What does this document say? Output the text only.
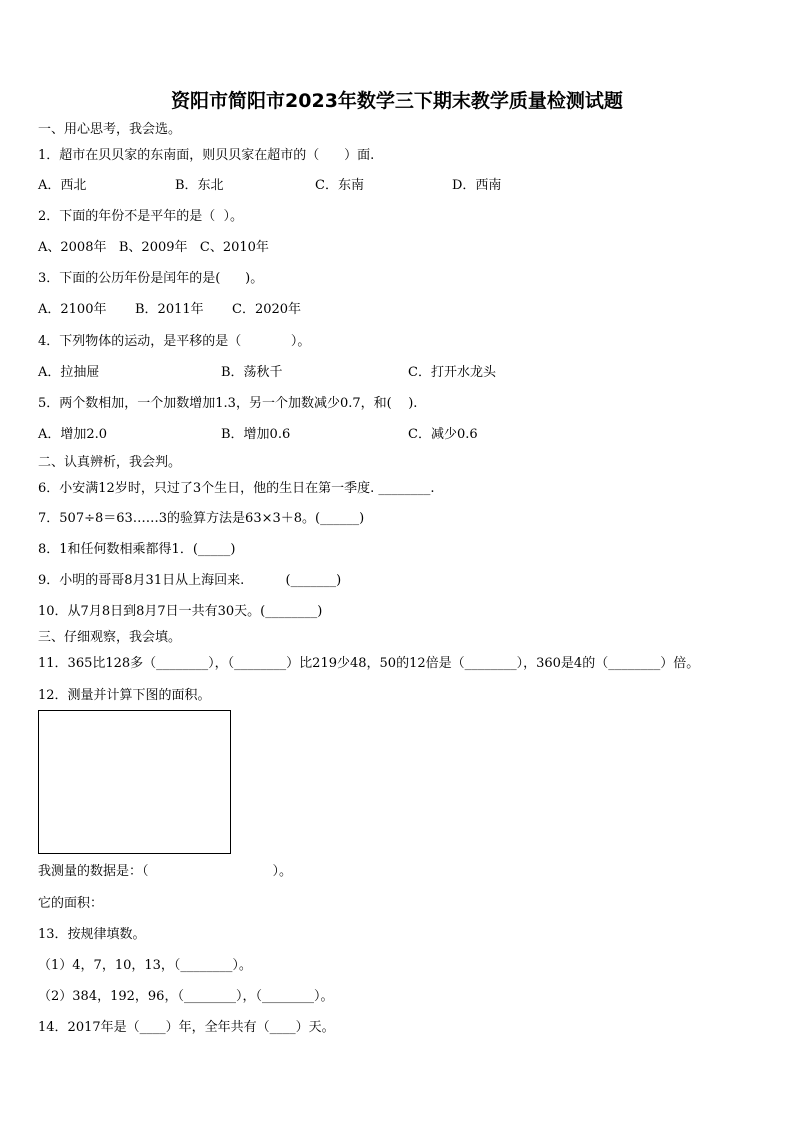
资阳市简阳市2023年数学三下期末教学质量检测试题
一、用心思考，我会选。
1．超市在贝贝家的东南面，则贝贝家在超市的（      ）面.
A．西北	B．东北	C．东南	D．西南
2．下面的年份不是平年的是（  ）。
A、2008年   B、2009年   C、2010年
3．下面的公历年份是闰年的是(      )。
A．2100年 B．2011年 C．2020年
4．下列物体的运动，是平移的是（            ）。
A．拉抽屉	B．荡秋千	C．打开水龙头
5．两个数相加，一个加数增加1.3，另一个加数减少0.7，和(    ).
A．增加2.0	B．增加0.6	C．减少0.6
二、认真辨析，我会判。
6．小安满12岁时，只过了3个生日，他的生日在第一季度. ________.
7．507÷8＝63……3的验算方法是63×3＋8。(______)
8．1和任何数相乘都得1．(_____)
9．小明的哥哥8月31日从上海回来.          (_______)
10．从7月8日到8月7日一共有30天。(________)
三、仔细观察，我会填。
11．365比128多（________），（________）比219少48，50的12倍是（________），360是4的（________）倍。
12．测量并计算下图的面积。
我测量的数据是：（                              ）。
它的面积：
13．按规律填数。
（1）4，7，10，13，（________）。
（2）384，192，96，（________），（________）。
14．2017年是（____）年，全年共有（____）天。
